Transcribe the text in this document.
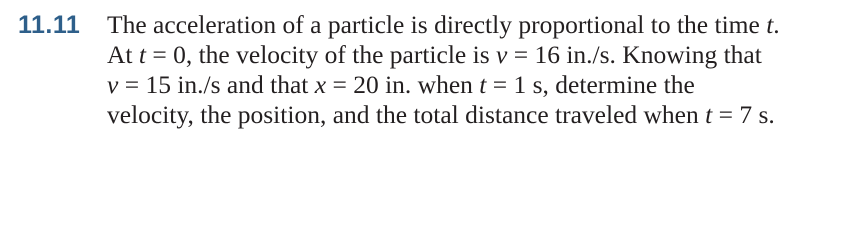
11.11 The acceleration of a particle is directly proportional to the time t.
At t = 0, the velocity of the particle is v = 16 in./s. Knowing that
v = 15 in./s and that x = 20 in. when t = 1 s, determine the
velocity, the position, and the total distance traveled when t = 7 s.
